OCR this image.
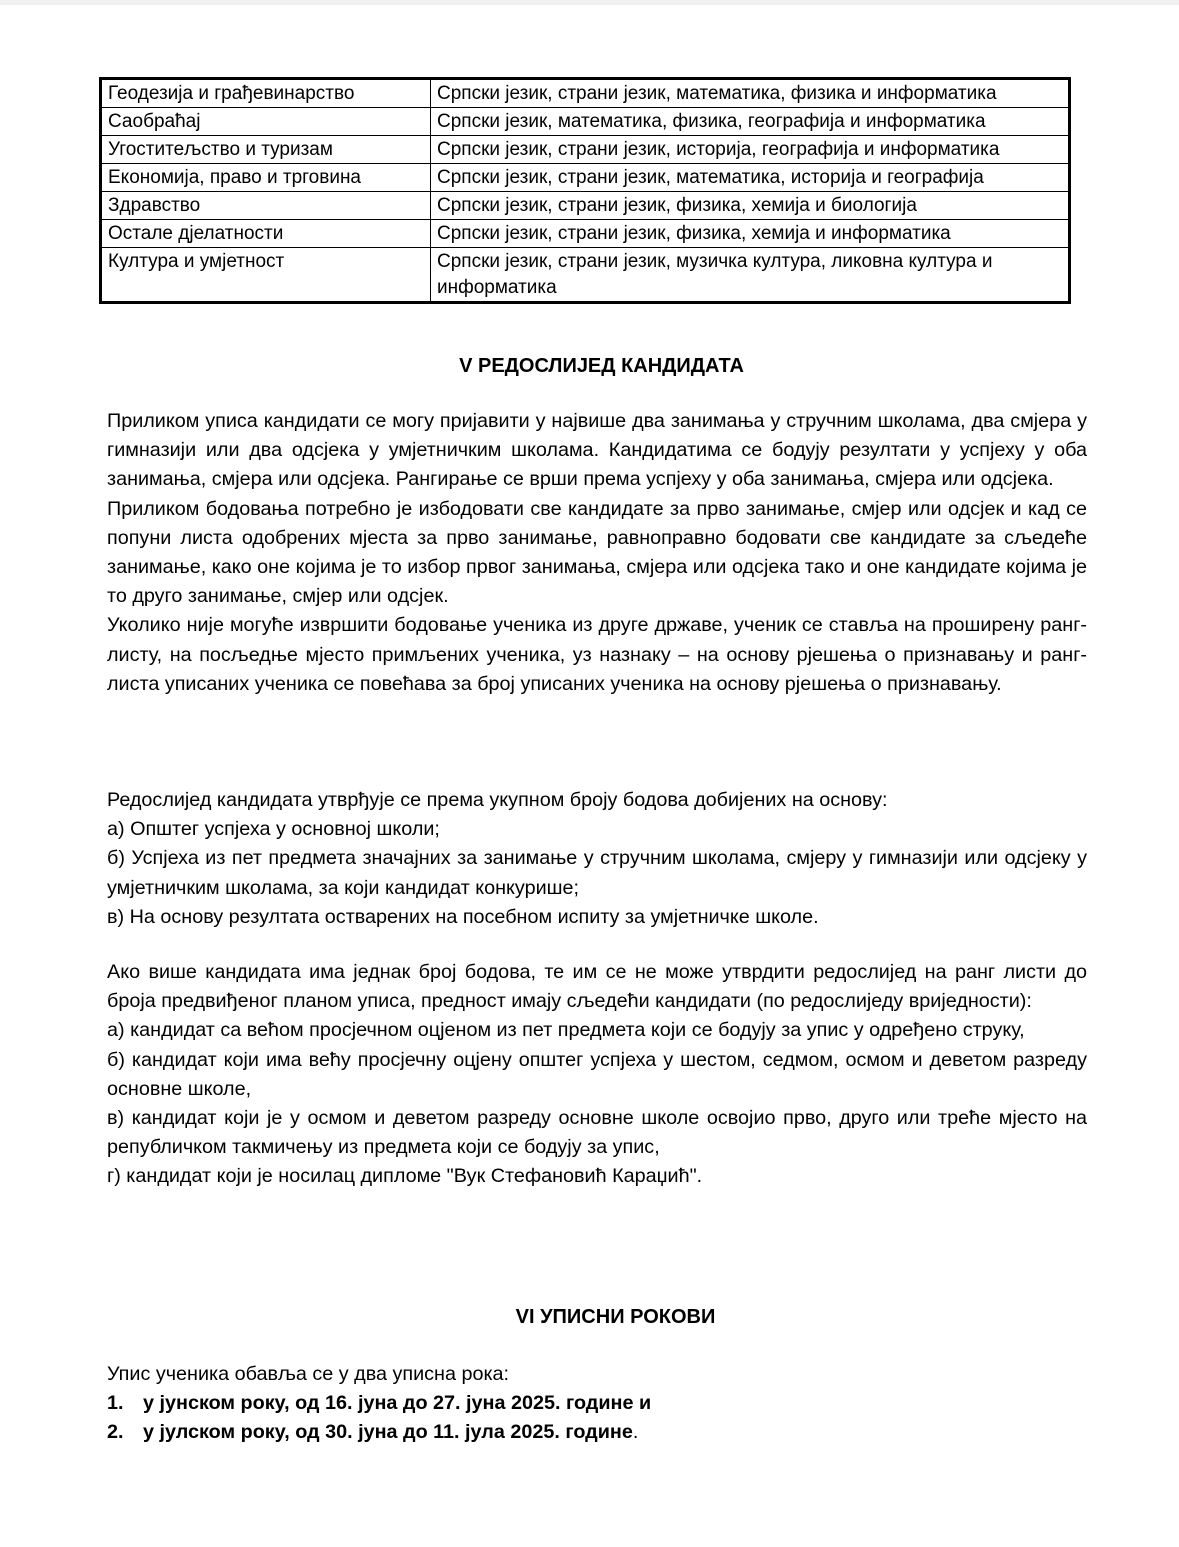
Геодезија и грађевинарство	Српски језик, страни језик, математика, физика и информатика
Саобраћај	Српски језик, математика, физика, географија и информатика
Угоститељство и туризам	Српски језик, страни језик, историја, географија и информатика
Економија, право и трговина	Српски језик, страни језик, математика, историја и географија
Здравство	Српски језик, страни језик, физика, хемија и биологија
Остале дјелатности	Српски језик, страни језик, физика, хемија и информатика
Култура и умјетност	Српски језик, страни језик, музичка култура, ликовна култура и информатика
V РЕДОСЛИЈЕД КАНДИДАТА

Приликом уписа кандидати се могу пријавити у највише два занимања у стручним школама, два смјера у гимназији или два одсјека у умјетничким школама. Кандидатима се бодују резултати у успјеху у оба занимања, смјера или одсјека. Рангирање се врши према успјеху у оба занимања, смјера или одсјека.

Приликом бодовања потребно је избодовати све кандидате за прво занимање, смјер или одсјек и кад се попуни листа одобрених мјеста за прво занимање, равноправно бодовати све кандидате за сљедеће занимање, како оне којима је то избор првог занимања, смјера или одсјека тако и оне кандидате којима је то друго занимање, смјер или одсјек.

Уколико није могуће извршити бодовање ученика из друге државе, ученик се ставља на проширену ранг-листу, на посљедње мјесто примљених ученика, уз назнаку – на основу рјешења о признавању и ранг-листа уписаних ученика се повећава за број уписаних ученика на основу рјешења о признавању.

Редослијед кандидата утврђује се према укупном броју бодова добијених на основу:

а) Општег успјеха у основној школи;

б) Успјеха из пет предмета значајних за занимање у стручним школама, смјеру у гимназији или одсјеку у умјетничким школама, за који кандидат конкурише;

в) На основу резултата остварених на посебном испиту за умјетничке школе.

Ако више кандидата има једнак број бодова, те им се не може утврдити редослијед на ранг листи до броја предвиђеног планом уписа, предност имају сљедећи кандидати (по редослиједу вриједности):

а) кандидат са већом просјечном оцјеном из пет предмета који се бодују за упис у одређено струку,

б) кандидат који има већу просјечну оцјену општег успјеха у шестом, седмом, осмом и деветом разреду основне школе,

в) кандидат који је у осмом и деветом разреду основне школе освојио прво, друго или треће мјесто на републичком такмичењу из предмета који се бодују за упис,

г) кандидат који је носилац дипломе "Вук Стефановић Караџић".

VI УПИСНИ РОКОВИ

Упис ученика обавља се у два уписна рока:

1. у јунском року, од 16. јуна до 27. јуна 2025. године и
2. у јулском року, од 30. јуна до 11. јула 2025. године .
